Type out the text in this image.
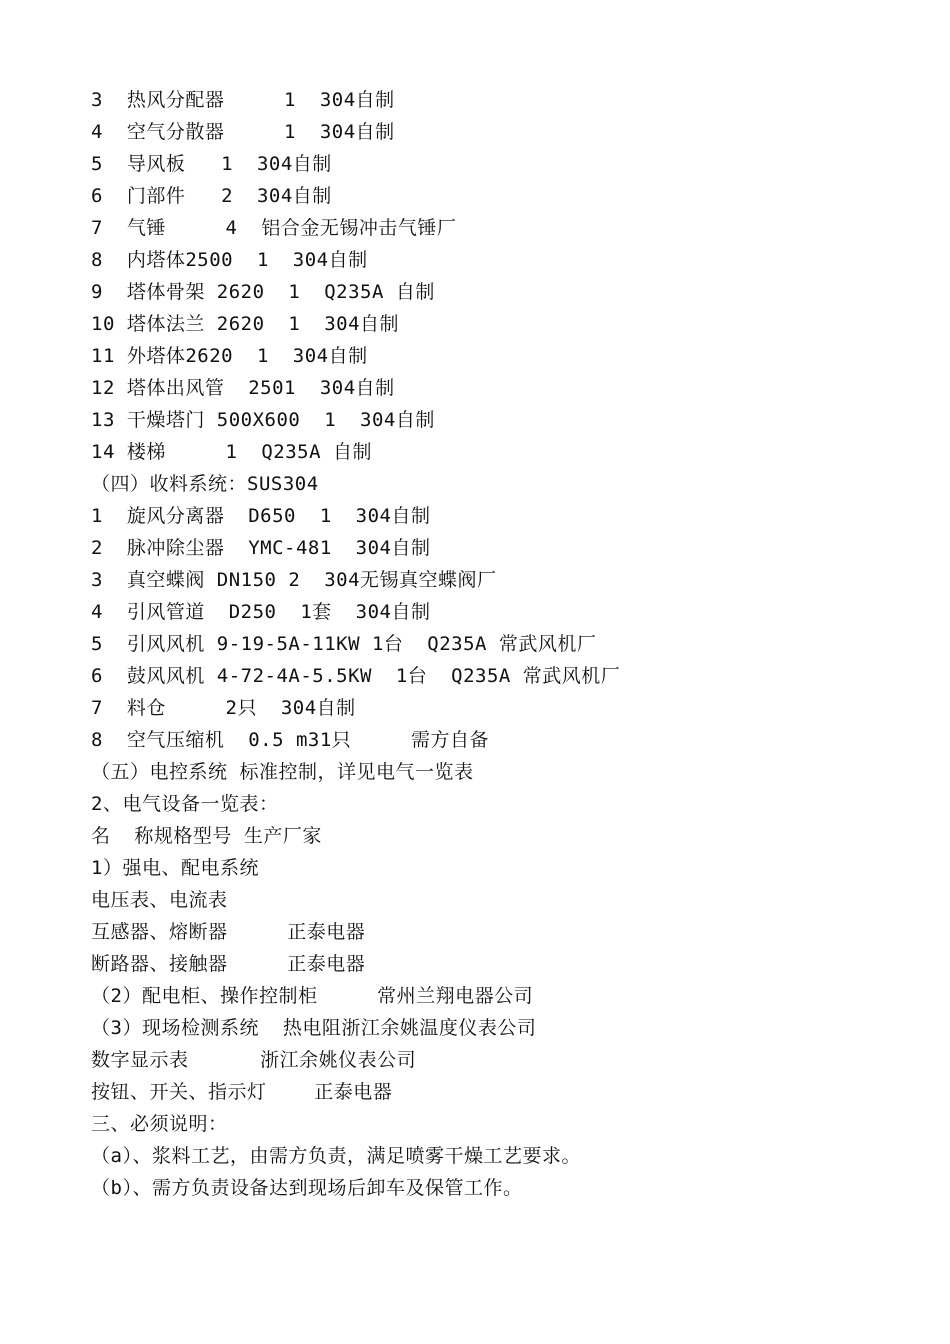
3  热风分配器     1  304自制
4  空气分散器     1  304自制
5  导风板   1  304自制
6  门部件   2  304自制
7  气锤     4  铝合金无锡冲击气锤厂
8  内塔体2500  1  304自制
9  塔体骨架 2620  1  Q235A 自制
10 塔体法兰 2620  1  304自制
11 外塔体2620  1  304自制
12 塔体出风管  2501  304自制
13 干燥塔门 500X600  1  304自制
14 楼梯     1  Q235A 自制
（四）收料系统：SUS304
1  旋风分离器  D650  1  304自制
2  脉冲除尘器  YMC-481  304自制
3  真空蝶阀 DN150 2  304无锡真空蝶阀厂
4  引风管道  D250  1套  304自制
5  引风风机 9-19-5A-11KW 1台  Q235A 常武风机厂
6  鼓风风机 4-72-4A-5.5KW  1台  Q235A 常武风机厂
7  料仓     2只  304自制
8  空气压缩机  0.5 m31只     需方自备
（五）电控系统 标准控制，详见电气一览表
2、电气设备一览表：
名  称规格型号 生产厂家
1）强电、配电系统
电压表、电流表
互感器、熔断器     正泰电器
断路器、接触器     正泰电器
（2）配电柜、操作控制柜     常州兰翔电器公司
（3）现场检测系统  热电阻浙江余姚温度仪表公司
数字显示表      浙江余姚仪表公司
按钮、开关、指示灯    正泰电器
三、必须说明：
（a）、浆料工艺，由需方负责，满足喷雾干燥工艺要求。
（b）、需方负责设备达到现场后卸车及保管工作。
